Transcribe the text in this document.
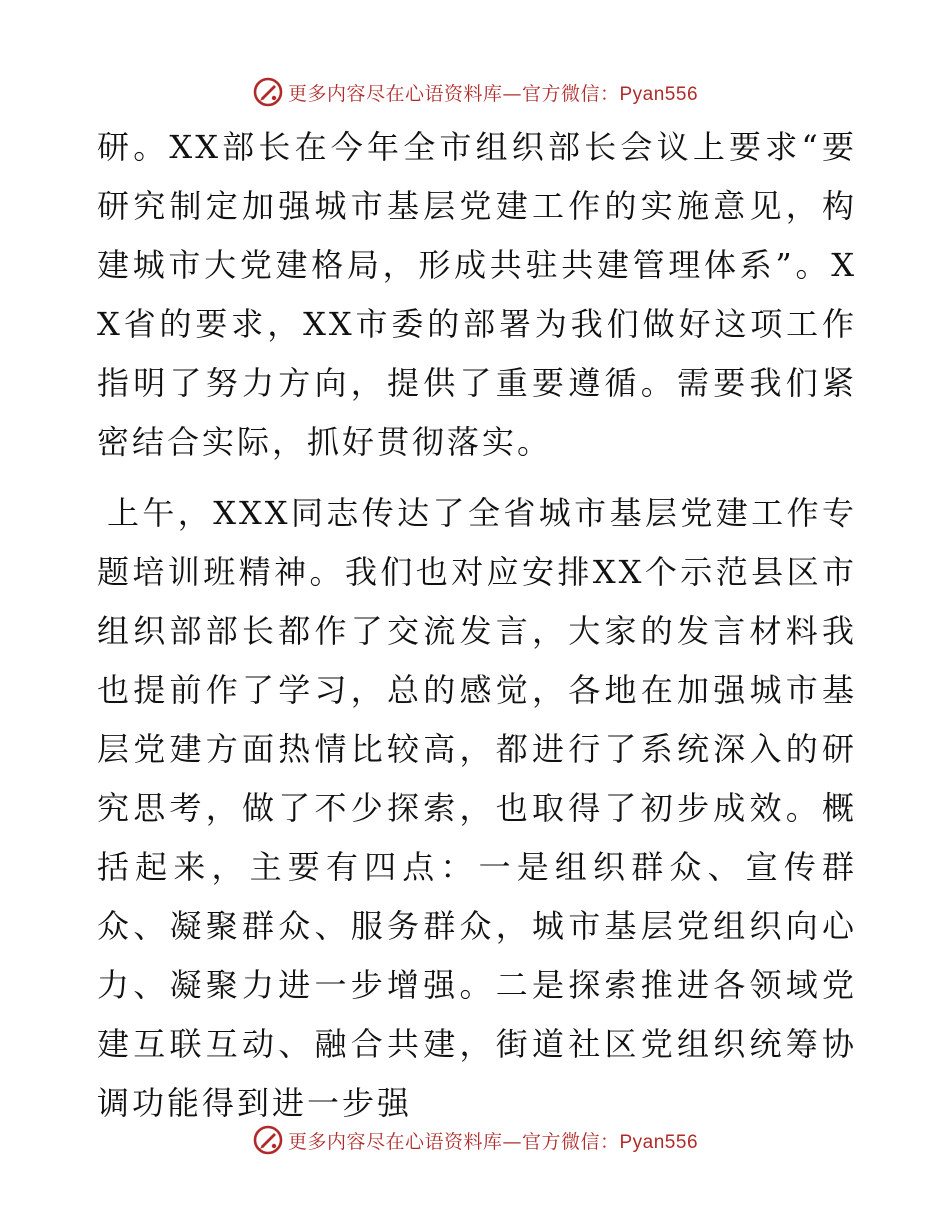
更多内容尽在心语资料库—官方微信：Pyan556

研。XX部长在今年全市组织部长会议上要求“要研究制定加强城市基层党建工作的实施意见，构建城市大党建格局，形成共驻共建管理体系”。XX省的要求，XX市委的部署为我们做好这项工作指明了努力方向，提供了重要遵循。需要我们紧密结合实际，抓好贯彻落实。

上午，XXX同志传达了全省城市基层党建工作专题培训班精神。我们也对应安排XX个示范县区市组织部部长都作了交流发言，大家的发言材料我也提前作了学习，总的感觉，各地在加强城市基层党建方面热情比较高，都进行了系统深入的研究思考，做了不少探索，也取得了初步成效。概括起来，主要有四点：一是组织群众、宣传群众、凝聚群众、服务群众，城市基层党组织向心力、凝聚力进一步增强。二是探索推进各领域党建互联互动、融合共建，街道社区党组织统筹协调功能得到进一步强

更多内容尽在心语资料库—官方微信：Pyan556
